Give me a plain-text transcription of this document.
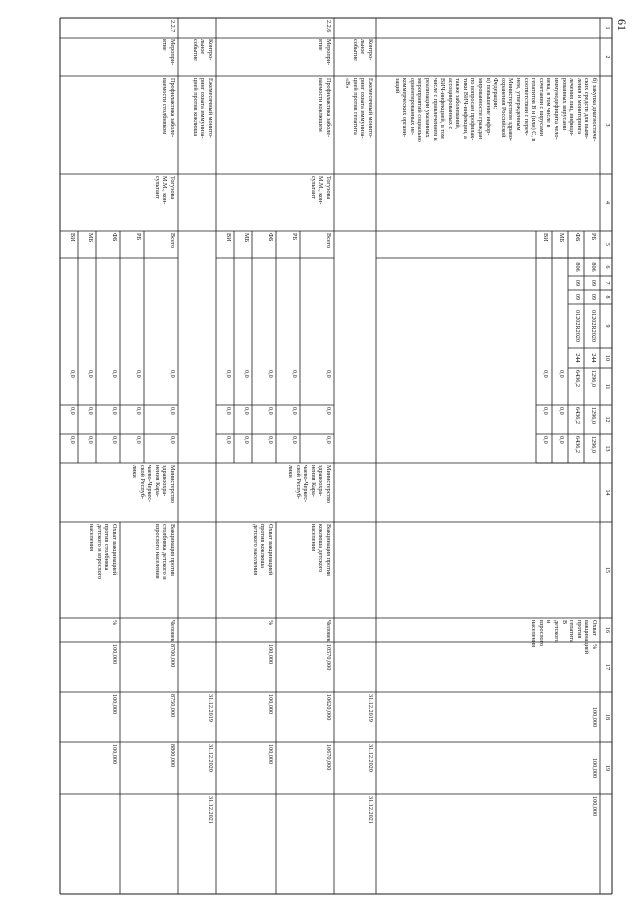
61
1
2
3
4
5
6
7
8
9
10
11
12
13
14
15
16
17
18
19
б) закупка диагностиче-
ских средств для выяв-
ления и мониторинга
лечения лиц, инфици-
рованных вирусами
иммунодефицита чело-
века, в том числе в
сочетании с вирусами
гепатитов В и (или) С, в
соответствии с переч-
нем, утвержденным
Министерством здраво-
охранения Российской
Федерации;
в) повышение инфор-
мированности граждан
по вопросам профилак-
тики ВИЧ-инфекции, а
также заболеваний,
ассоциированных с
ВИЧ-инфекцией, в том
числе с привлечением к
реализации указанных
мероприятий социально
ориентированных не-
коммерческих органи-
заций
РБ
806
09
09
01202R2020
244
1296,0
1296,0
1296,0
ФБ
806
09
09
01202R2020
244
6436,2
6436,2
6436,2
МБ
0,0
0,0
0,0
ВИ
0,0
0,0
0,0
Охват вакцинацией
против гепатита В
детского и взрослого
населения	%
100,000
100,000
100,000
Контро-
льное
событие
Ежемесячный монито-
ринг охвата иммуниза-
цией против гепатита
«В»
31.12.2019
31.12.2020
31.12.2021
2.2.6
Меропри-
ятие
Профилактика заболе-
ваемости коклюшем
Тогузова
М.М., кон-
сультант
Всего
0,0
0,0
0,0
РБ
0,0
0,0
0,0
ФБ
0,0
0,0
0,0
МБ
0,0
0,0
0,0
ВИ
0,0
0,0
0,0
Министерство
здравоохра-
нения Кара-
чаево-Черкес-
ской Респуб-
лики
Вакцинация против
коклюша детского
населения
Человек
10570,000
10620,000
10670,000
Охват вакцинацией
против коклюша
детского населения
%
100,000
100,000
100,000
Контро-
льное
событие
Ежемесячный монито-
ринг охвата иммуниза-
цией против коклюша
31.12.2019
31.12.2020
31.12.2021
2.2.7
Меропри-
ятие
Профилактика заболе-
ваемости столбняком
Тогузова
М.М., кон-
сультант
Всего
0,0
0,0
0,0
РБ
0,0
0,0
0,0
ФБ
0,0
0,0
0,0
МБ
0,0
0,0
0,0
ВИ
0,0
0,0
0,0
Министерство
здравоохра-
нения Кара-
чаево-Черкес-
ской Респуб-
лики
Вакцинация против
столбняка детского и
взрослого населения
Человек
8700,000
8750,000
8800,000
Охват вакцинацией
против столбняка
детского и взрослого
населения
%
100,000
100,000
100,000
